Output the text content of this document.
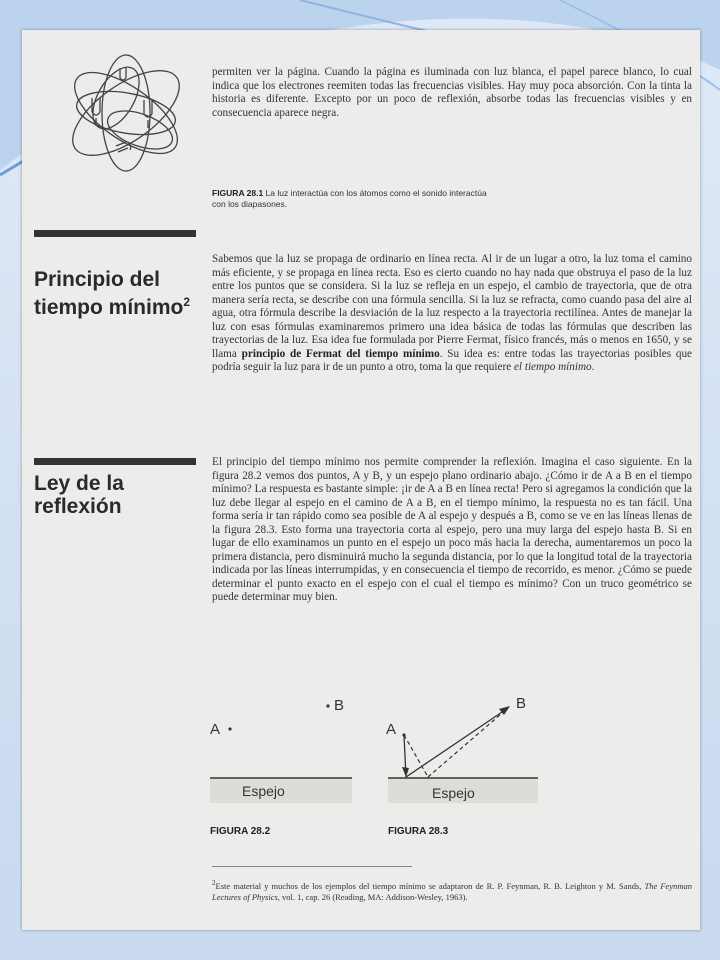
permiten ver la página. Cuando la página es iluminada con luz blanca, el papel parece blanco, lo cual indica que los electrones reemiten todas las frecuencias visibles. Hay muy poca absorción. Con la tinta la historia es diferente. Excepto por un poco de reflexión, absorbe todas las frecuencias visibles y en consecuencia aparece negra.

FIGURA 28.1 La luz interactúa con los átomos como el sonido interactúa con los diapasones.

Principio del
tiempo mínimo$^2$

Sabemos que la luz se propaga de ordinario en línea recta. Al ir de un lugar a otro, la luz toma el camino más eficiente, y se propaga en línea recta. Eso es cierto cuando no hay nada que obstruya el paso de la luz entre los puntos que se considera. Si la luz se refleja en un espejo, el cambio de trayectoria, que de otra manera sería recta, se describe con una fórmula sencilla. Si la luz se refracta, como cuando pasa del aire al agua, otra fórmula describe la desviación de la luz respecto a la trayectoria rectilínea. Antes de manejar la luz con esas fórmulas examinaremos primero una idea básica de todas las fórmulas que describen las trayectorias de la luz. Esa idea fue formulada por Pierre Fermat, físico francés, más o menos en 1650, y se llama principio de Fermat del tiempo mínimo. Su idea es: entre todas las trayectorias posibles que podría seguir la luz para ir de un punto a otro, toma la que requiere el tiempo mínimo.

Ley de la
reflexión

El principio del tiempo mínimo nos permite comprender la reflexión. Imagina el caso siguiente. En la figura 28.2 vemos dos puntos, A y B, y un espejo plano ordinario abajo. ¿Cómo ir de A a B en el tiempo mínimo? La respuesta es bastante simple: ¡ir de A a B en línea recta! Pero si agregamos la condición que la luz debe llegar al espejo en el camino de A a B, en el tiempo mínimo, la respuesta no es tan fácil. Una forma sería ir tan rápido como sea posible de A al espejo y después a B, como se ve en las líneas llenas de la figura 28.3. Esto forma una trayectoria corta al espejo, pero una muy larga del espejo hasta B. Si en lugar de ello examinamos un punto en el espejo un poco más hacia la derecha, aumentaremos un poco la primera distancia, pero disminuirá mucho la segunda distancia, por lo que la longitud total de la trayectoria indicada por las líneas interrumpidas, y en consecuencia el tiempo de recorrido, es menor. ¿Cómo se puede determinar el punto exacto en el espejo con el cual el tiempo es mínimo? Con un truco geométrico se puede determinar muy bien.

A
B
Espejo
FIGURA 28.2
A
B
Espejo
FIGURA 28.3

$^2$Este material y muchos de los ejemplos del tiempo mínimo se adaptaron de R. P. Feynman, R. B. Leighton y M. Sands, The Feynman Lectures of Physics, vol. 1, cap. 26 (Reading, MA: Addison-Wesley, 1963).
